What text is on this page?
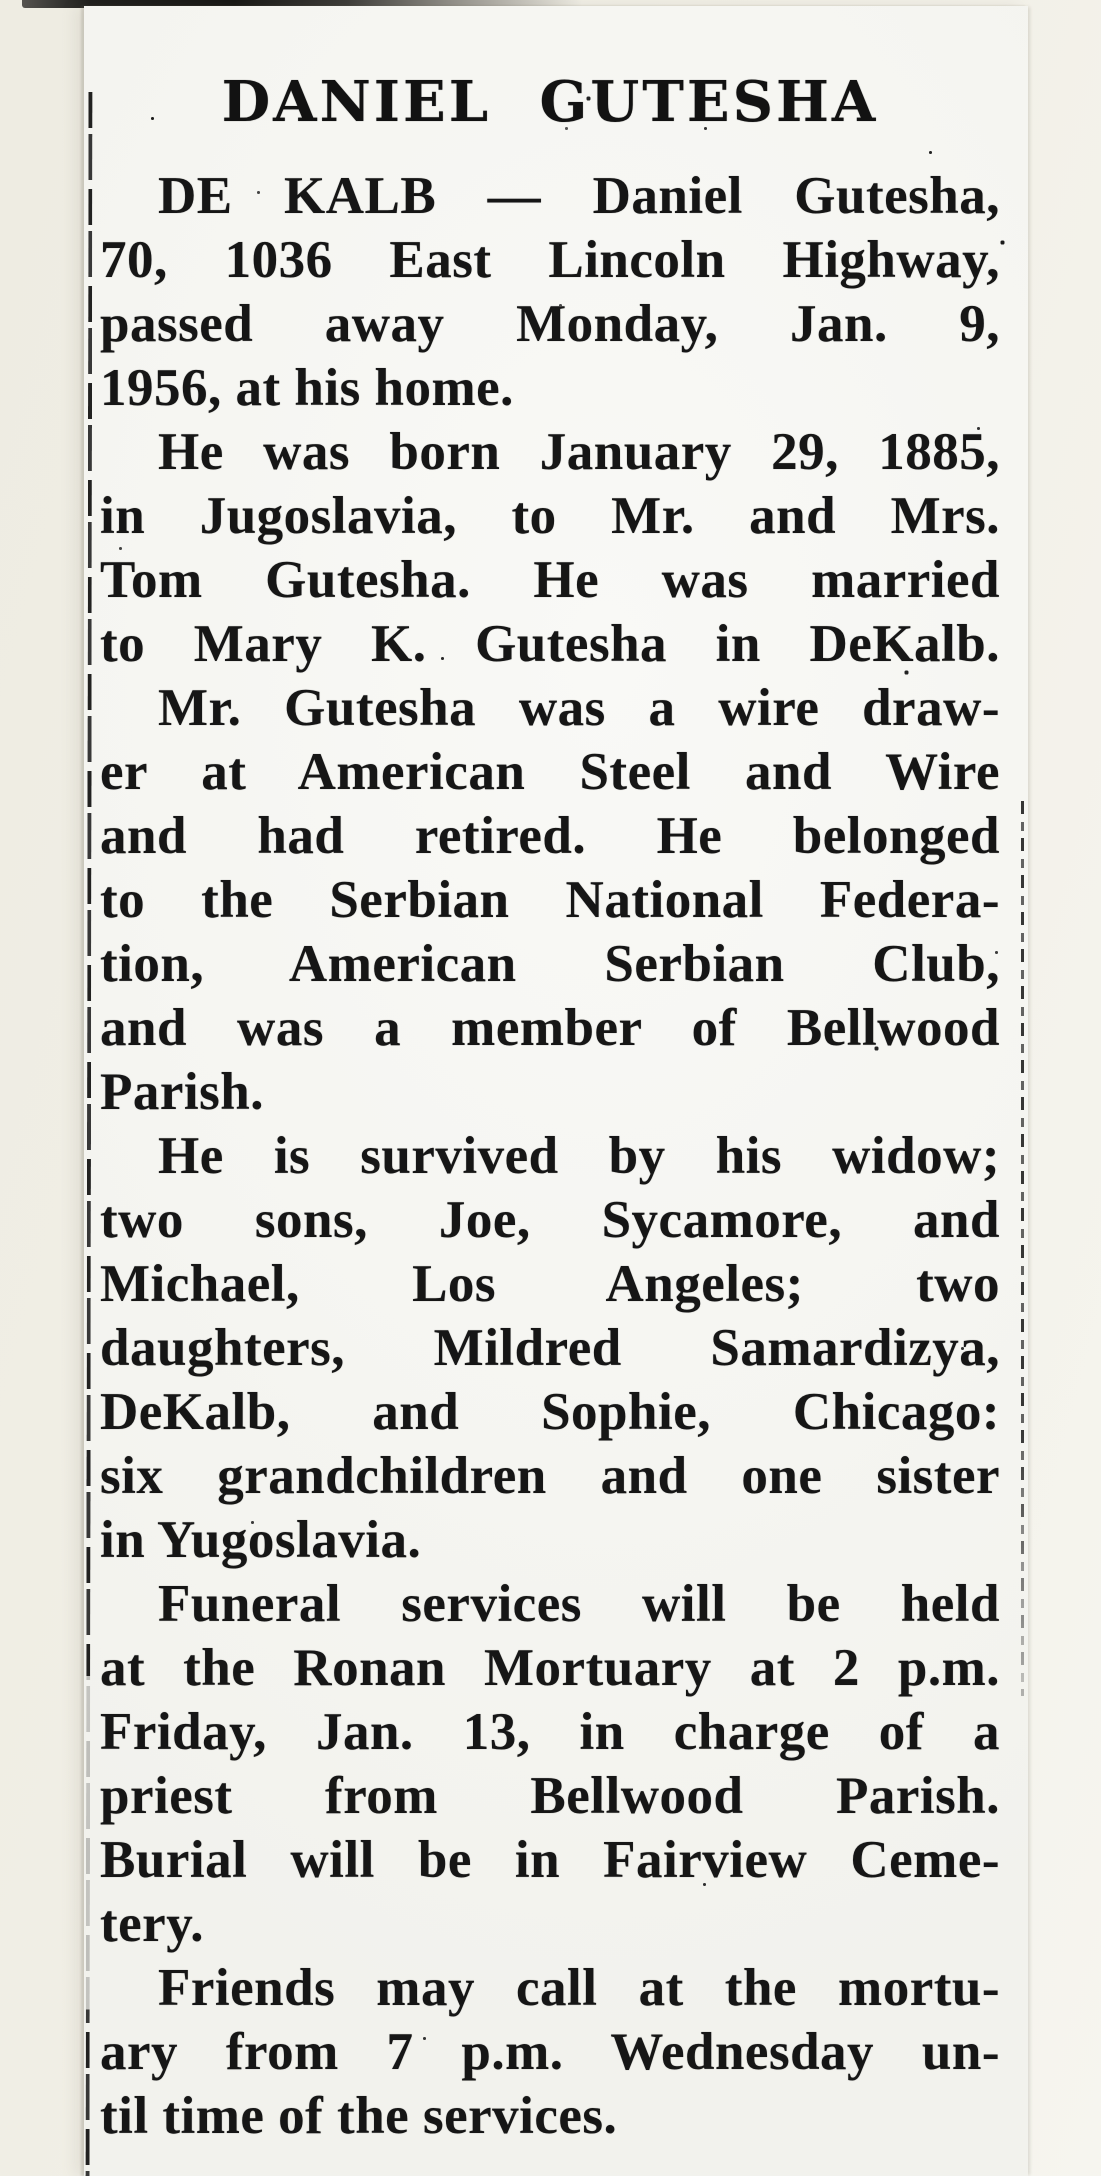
DANIEL GUTESHA
DE KALB — Daniel Gutesha,
70, 1036 East Lincoln Highway,
passed away Monday, Jan. 9,
1956, at his home.
He was born January 29, 1885,
in Jugoslavia, to Mr. and Mrs.
Tom Gutesha. He was married
to Mary K. Gutesha in DeKalb.
Mr. Gutesha was a wire draw-
er at American Steel and Wire
and had retired. He belonged
to the Serbian National Federa-
tion, American Serbian Club,
and was a member of Bellwood
Parish.
He is survived by his widow;
two sons, Joe, Sycamore, and
Michael, Los Angeles; two
daughters, Mildred Samardizya,
DeKalb, and Sophie, Chicago:
six grandchildren and one sister
in Yugoslavia.
Funeral services will be held
at the Ronan Mortuary at 2 p.m.
Friday, Jan. 13, in charge of a
priest from Bellwood Parish.
Burial will be in Fairview Ceme-
tery.
Friends may call at the mortu-
ary from 7 p.m. Wednesday un-
til time of the services.
